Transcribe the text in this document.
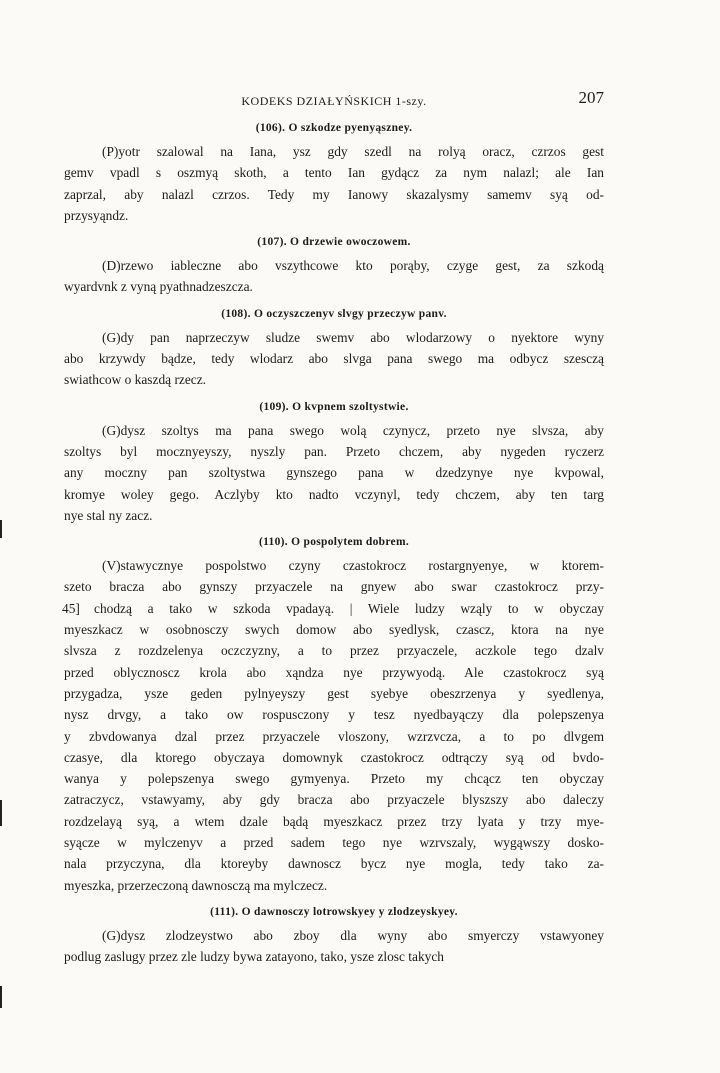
KODEKS DZIAŁYŃSKICH 1-szy.	207
(106). O szkodze pyenyąszney.

(P)yotr szalowal na Iana, ysz gdy szedl na rolyą oracz, czrzos gest
gemv vpadl s oszmyą skoth, a tento Ian gydącz za nym nalazl; ale Ian
zaprzal, aby nalazl czrzos. Tedy my Ianowy skazalysmy samemv syą od-
przysyąndz.

(107). O drzewie owoczowem.

(D)rzewo iableczne abo vszythcowe kto porąby, czyge gest, za szkodą
wyardvnk z vyną pyathnadzeszcza.

(108). O oczyszczenyv slvgy przeczyw panv.

(G)dy pan naprzeczyw sludze swemv abo wlodarzowy o nyektore wyny
abo krzywdy bądze, tedy wlodarz abo slvga pana swego ma odbycz szesczą
swiathcow o kaszdą rzecz.

(109). O kvpnem szoltystwie.

(G)dysz szoltys ma pana swego wolą czynycz, przeto nye slvsza, aby
szoltys byl mocznyeyszy, nyszly pan. Przeto chczem, aby nygeden ryczerz
any moczny pan szoltystwa gynszego pana w dzedzynye nye kvpowal,
kromye woley gego. Aczlyby kto nadto vczynyl, tedy chczem, aby ten targ
nye stal ny zacz.

(110). O pospolytem dobrem.

(V)stawycznye pospolstwo czyny czastokrocz rostargnyenye, w ktorem-
szeto bracza abo gynszy przyaczele na gnyew abo swar czastokrocz przy-
45] chodzą a tako w szkoda vpadayą. | Wiele ludzy wząly to w obyczay
myeszkacz w osobnosczy swych domow abo syedlysk, czascz, ktora na nye
slvsza z rozdzelenya oczczyzny, a to przez przyaczele, aczkole tego dzalv
przed oblycznoscz krola abo xąndza nye przywyodą. Ale czastokrocz syą
przygadza, ysze geden pylnyeyszy gest syebye obeszrzenya y syedlenya,
nysz drvgy, a tako ow rospusczony y tesz nyedbayączy dla polepszenya
y zbvdowanya dzal przez przyaczele vloszony, wzrzvcza, a to po dlvgem
czasye, dla ktorego obyczaya domownyk czastokrocz odtrączy syą od bvdo-
wanya y polepszenya swego gymyenya. Przeto my chcącz ten obyczay
zatraczycz, vstawyamy, aby gdy bracza abo przyaczele blyszszy abo daleczy
rozdzelayą syą, a wtem dzale bądą myeszkacz przez trzy lyata y trzy mye-
syącze w mylczenyv a przed sadem tego nye wzrvszaly, wygąwszy dosko-
nala przyczyna, dla ktoreyby dawnoscz bycz nye mogla, tedy tako za-
myeszka, przerzeczoną dawnosczą ma mylczecz.

(111). O dawnosczy lotrowskyey y zlodzeyskyey.

(G)dysz zlodzeystwo abo zboy dla wyny abo smyerczy vstawyoney
podlug zaslugy przez zle ludzy bywa zatayono, tako, ysze zlosc takych
